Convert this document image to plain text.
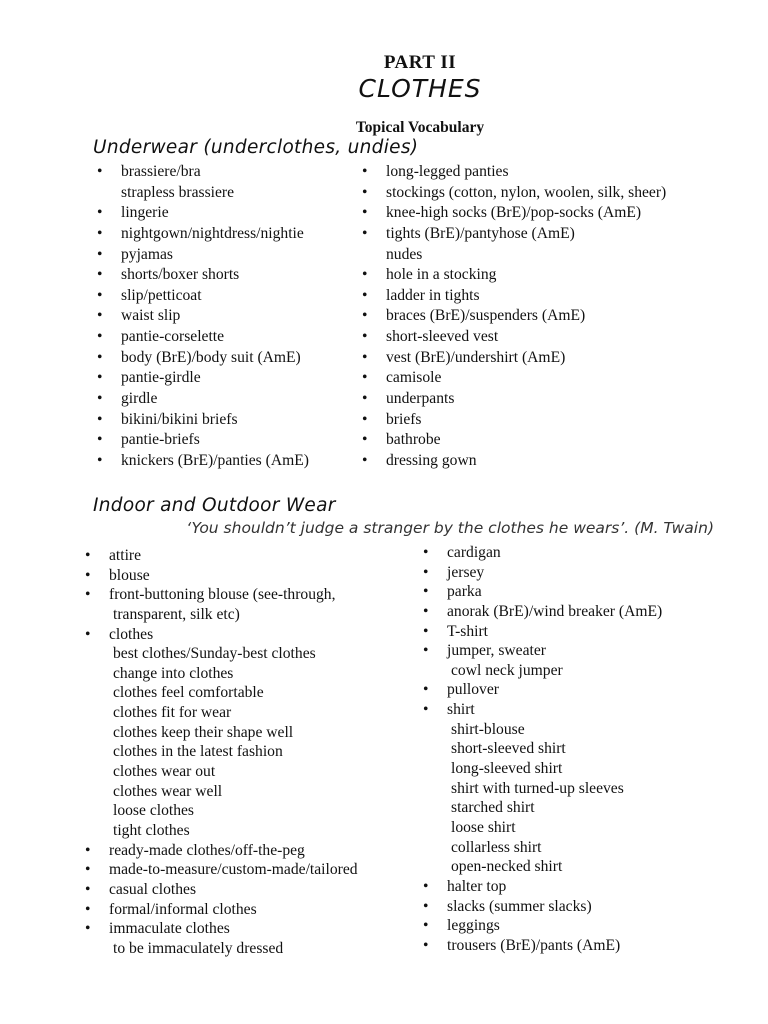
PART II
CLOTHES
Topical Vocabulary
Underwear (underclothes, undies)
• brassiere/bra
strapless brassiere
• lingerie
• nightgown/nightdress/nightie
• pyjamas
• shorts/boxer shorts
• slip/petticoat
• waist slip
• pantie-corselette
• body (BrE)/body suit (AmE)
• pantie-girdle
• girdle
• bikini/bikini briefs
• pantie-briefs
• knickers (BrE)/panties (AmE)
• long-legged panties
• stockings (cotton, nylon, woolen, silk, sheer)
• knee-high socks (BrE)/pop-socks (AmE)
• tights (BrE)/pantyhose (AmE)
nudes
• hole in a stocking
• ladder in tights
• braces (BrE)/suspenders (AmE)
• short-sleeved vest
• vest (BrE)/undershirt (AmE)
• camisole
• underpants
• briefs
• bathrobe
• dressing gown
Indoor and Outdoor Wear
‘You shouldn’t judge a stranger by the clothes he wears’. (M. Twain)
• attire
• blouse
• front-buttoning blouse (see-through,
transparent, silk etc)
• clothes
best clothes/Sunday-best clothes
change into clothes
clothes feel comfortable
clothes fit for wear
clothes keep their shape well
clothes in the latest fashion
clothes wear out
clothes wear well
loose clothes
tight clothes
• ready-made clothes/off-the-peg
• made-to-measure/custom-made/tailored
• casual clothes
• formal/informal clothes
• immaculate clothes
to be immaculately dressed
• cardigan
• jersey
• parka
• anorak (BrE)/wind breaker (AmE)
• T-shirt
• jumper, sweater
cowl neck jumper
• pullover
• shirt
shirt-blouse
short-sleeved shirt
long-sleeved shirt
shirt with turned-up sleeves
starched shirt
loose shirt
collarless shirt
open-necked shirt
• halter top
• slacks (summer slacks)
• leggings
• trousers (BrE)/pants (AmE)
